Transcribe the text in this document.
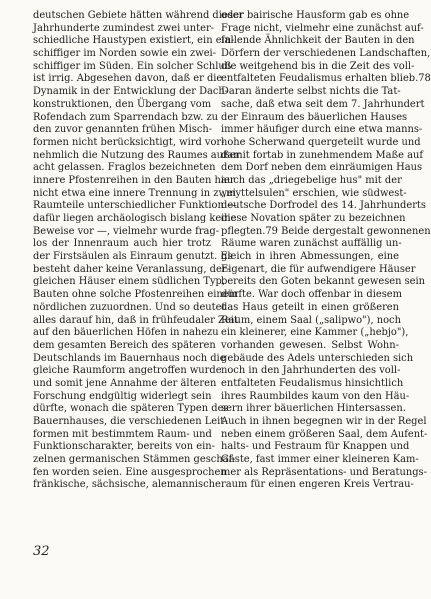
deutschen Gebiete hätten während dieser
Jahrhunderte zumindest zwei unter-
schiedliche Haustypen existiert, ein ein-
schiffiger im Norden sowie ein zwei-
schiffiger im Süden. Ein solcher Schluß
ist irrig. Abgesehen davon, daß er die
Dynamik in der Entwicklung der Dach-
konstruktionen, den Übergang vom
Rofendach zum Sparrendach bzw. zu
den zuvor genannten frühen Misch-
formen nicht berücksichtigt, wird vor-
nehmlich die Nutzung des Raumes außer
acht gelassen. Fraglos bezeichneten
innere Pfostenreihen in den Bauten hier
nicht etwa eine innere Trennung in zwei
Raumteile unterschiedlicher Funktion —
dafür liegen archäologisch bislang keine
Beweise vor —, vielmehr wurde frag-
los der Innenraum auch hier trotz
der Firstsäulen als Einraum genutzt. Es
besteht daher keine Veranlassung, der-
gleichen Häuser einem südlichen Typ,
Bauten ohne solche Pfostenreihen einem
nördlichen zuzuordnen. Und so deutet
alles darauf hin, daß in frühfeudaler Zeit
auf den bäuerlichen Höfen in nahezu
dem gesamten Bereich des späteren
Deutschlands im Bauernhaus noch die
gleiche Raumform angetroffen wurde
und somit jene Annahme der älteren
Forschung endgültig widerlegt sein
dürfte, wonach die späteren Typen des
Bauernhauses, die verschiedenen Leit-
formen mit bestimmtem Raum- und
Funktionscharakter, bereits von ein-
zelnen germanischen Stämmen geschaf-
fen worden seien. Eine ausgesprochen
fränkische, sächsische, alemannische
oder bairische Hausform gab es ohne
Frage nicht, vielmehr eine zunächst auf-
fallende Ähnlichkeit der Bauten in den
Dörfern der verschiedenen Landschaften,
die weitgehend bis in die Zeit des voll-
entfalteten Feudalismus erhalten blieb.78
Daran änderte selbst nichts die Tat-
sache, daß etwa seit dem 7. Jahrhundert
der Einraum des bäuerlichen Hauses
immer häufiger durch eine etwa manns-
hohe Scherwand quergeteilt wurde und
damit fortab in zunehmendem Maße auf
dem Dorf neben dem einräumigen Haus
auch das „driegebelige hus" mit der
„myttelsulen" erschien, wie südwest-
deutsche Dorfrodel des 14. Jahrhunderts
diese Novation später zu bezeichnen
pflegten.79 Beide dergestalt gewonnenen
Räume waren zunächst auffällig un-
gleich in ihren Abmessungen, eine
Eigenart, die für aufwendigere Häuser
bereits den Goten bekannt gewesen sein
dürfte. War doch offenbar in diesem
das Haus geteilt in einen größeren
Raum, einem Saal („salipwo"), noch
ein kleinerer, eine Kammer („hebjo"),
vorhanden gewesen. Selbst Wohn-
gebäude des Adels unterschieden sich
noch in den Jahrhunderten des voll-
entfalteten Feudalismus hinsichtlich
ihres Raumbildes kaum von den Häu-
sern ihrer bäuerlichen Hintersassen.
Auch in ihnen begegnen wir in der Regel
neben einem größeren Saal, dem Aufent-
halts- und Festraum für Knappen und
Gäste, fast immer einer kleineren Kam-
mer als Repräsentations- und Beratungs-
raum für einen engeren Kreis Vertrau-
32
